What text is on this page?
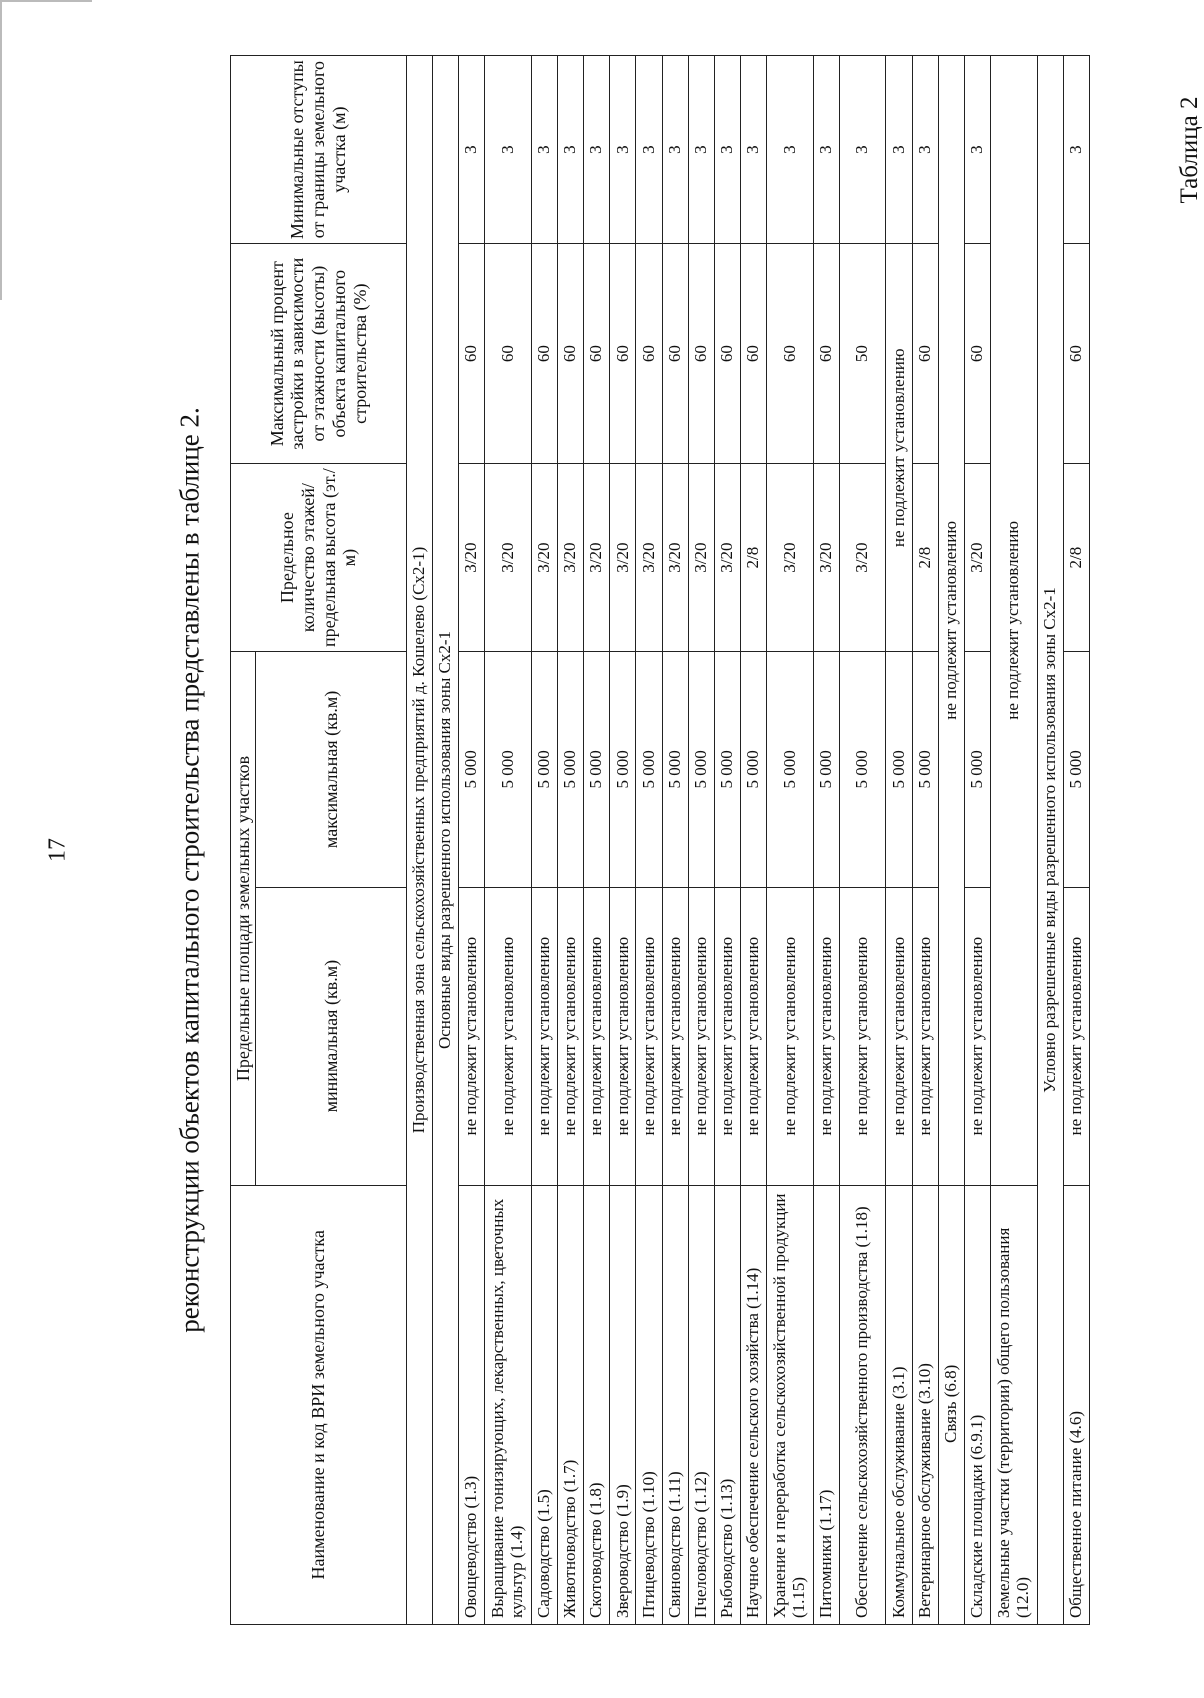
17	реконструкции объектов капитального строительства представлены в таблице 2.
Таблица 2
Наименование и код ВРИ земельного участка	Предельные площади земельных участков		Предельное количество этажей/ предельная высота (эт./м)	Максимальный процент застройки в зависимости от этажности (высоты) объекта капитального строительства (%)	Минимальные отступы от границы земельного участка (м)
	минимальная (кв.м)	максимальная (кв.м)			
Производственная зона сельскохозяйственных предприятий д. Кошелево (Сх2-1)					
Основные виды разрешенного использования зоны Сх2-1					
Овощеводство (1.3)	не подлежит установлению	5 000	3/20	60	3
Выращивание тонизирующих, лекарственных, цветочных культур (1.4)	не подлежит установлению	5 000	3/20	60	3
Садоводство (1.5)	не подлежит установлению	5 000	3/20	60	3
Животноводство (1.7)	не подлежит установлению	5 000	3/20	60	3
Скотоводство (1.8)	не подлежит установлению	5 000	3/20	60	3
Звероводство (1.9)	не подлежит установлению	5 000	3/20	60	3
Птицеводство (1.10)	не подлежит установлению	5 000	3/20	60	3
Свиноводство (1.11)	не подлежит установлению	5 000	3/20	60	3
Пчеловодство (1.12)	не подлежит установлению	5 000	3/20	60	3
Рыбоводство (1.13)	не подлежит установлению	5 000	3/20	60	3
Научное обеспечение сельского хозяйства (1.14)	не подлежит установлению	5 000	2/8	60	3
Хранение и переработка сельскохозяйственной продукции (1.15)	не подлежит установлению	5 000	3/20	60	3
Питомники (1.17)	не подлежит установлению	5 000	3/20	60	3
Обеспечение сельскохозяйственного производства (1.18)	не подлежит установлению	5 000	3/20	50	3
Коммунальное обслуживание (3.1)	не подлежит установлению	5 000	не подлежит установлению		3
Ветеринарное обслуживание (3.10)	не подлежит установлению	5 000	2/8	60	3
Связь (6.8)	не подлежит установлению				
Складские площадки (6.9.1)	не подлежит установлению	5 000	3/20	60	3
Земельные участки (территории) общего пользования (12.0)	не подлежит установлению				
Условно разрешенные виды разрешенного использования зоны Сх2-1					
Общественное питание (4.6)	не подлежит установлению	5 000	2/8	60	3
